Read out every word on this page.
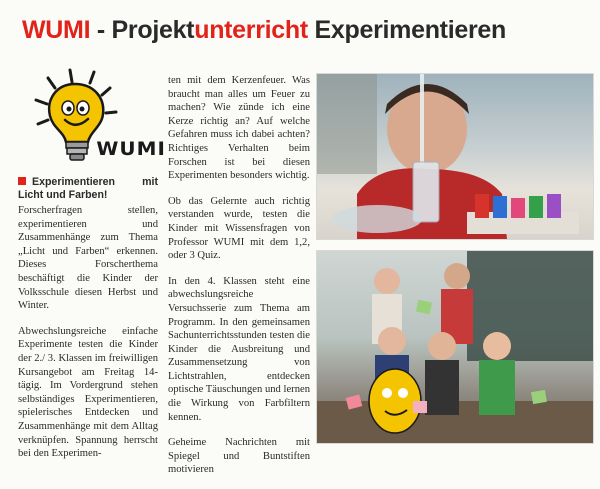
WUMI - Projektunterricht Experimentieren
WUMI
Experimentieren mit Licht und Farben!

Forscherfragen stellen, experimentieren und Zusammenhänge zum Thema „Licht und Farben“ erkennen. Dieses Forscherthema beschäftigt die Kinder der Volksschule diesen Herbst und Winter.

Abwechslungsreiche einfache Experimente testen die Kinder der 2./ 3. Klassen im freiwilligen Kursangebot am Freitag 14-tägig. Im Vordergrund stehen selbständiges Experimentieren, spielerisches Entdecken und Zusammenhänge mit dem Alltag verknüpfen. Spannung herrscht bei den Experimen-

ten mit dem Kerzenfeuer. Was braucht man alles um Feuer zu machen? Wie zünde ich eine Kerze richtig an? Auf welche Gefahren muss ich dabei achten? Richtiges Verhalten beim Forschen ist bei diesen Experimenten besonders wichtig.

Ob das Gelernte auch richtig verstanden wurde, testen die Kinder mit Wissensfragen von Professor WUMI mit dem 1,2, oder 3 Quiz.

In den 4. Klassen steht eine abwechslungsreiche Versuchsserie zum Thema am Programm. In den gemeinsamen Sachunterrichtsstunden testen die Kinder die Ausbreitung und Zusammensetzung von Lichtstrahlen, entdecken optische Täuschungen und lernen die Wirkung von Farbfiltern kennen.

Geheime Nachrichten mit Spiegel und Buntstiften motivieren
